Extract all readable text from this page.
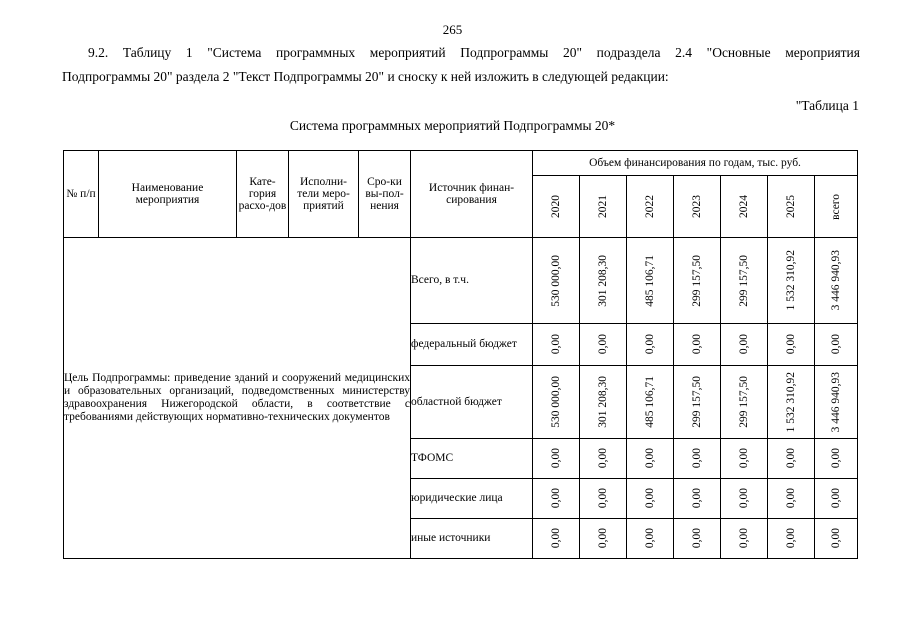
265
9.2. Таблицу 1 "Система программных мероприятий Подпрограммы 20" подраздела 2.4 "Основные мероприятия
Подпрограммы 20" раздела 2 "Текст Подпрограммы 20" и сноску к ней изложить в следующей редакции:
"Таблица 1
Система программных мероприятий Подпрограммы 20*
№ п/п	Наименование мероприятия	Кате-гория расхо-дов	Исполни-тели меро-приятий	Сро-ки вы-пол-нения	Источник финан-сирования	Объем финансирования по годам, тыс. руб.						

						2020	2021	2022	2023	2024	2025	всего

Цель Подпрограммы: приведение зданий и сооружений медицинских и образовательных организаций, подведомственных министерству здравоохранения Нижегородской области, в соответствие с требованиями действующих нормативно-технических документов					Всего, в т.ч.	530 000,00	301 208,30	485 106,71	299 157,50	299 157,50	1 532 310,92	3 446 940,93

					федеральный бюджет	0,00	0,00	0,00	0,00	0,00	0,00	0,00

					областной бюджет	530 000,00	301 208,30	485 106,71	299 157,50	299 157,50	1 532 310,92	3 446 940,93

					ТФОМС	0,00	0,00	0,00	0,00	0,00	0,00	0,00

					юридические лица	0,00	0,00	0,00	0,00	0,00	0,00	0,00

					иные источники	0,00	0,00	0,00	0,00	0,00	0,00	0,00
